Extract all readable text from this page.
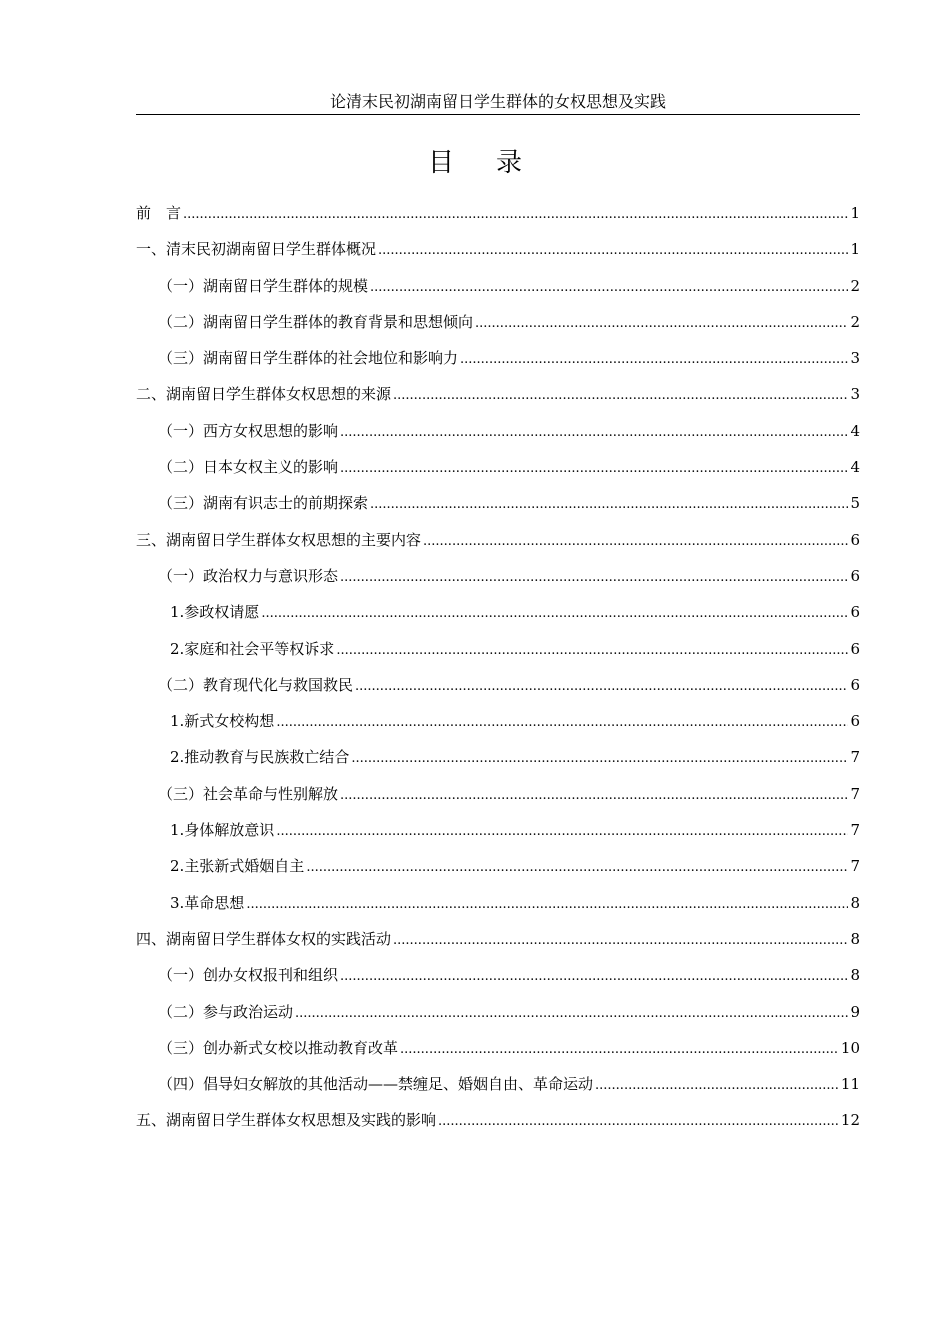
论清末民初湖南留日学生群体的女权思想及实践
目 录
前　言 .....	1
一、清末民初湖南留日学生群体概况 .....	1
（一）湖南留日学生群体的规模 .....	2
（二）湖南留日学生群体的教育背景和思想倾向 .....	2
（三）湖南留日学生群体的社会地位和影响力 .....	3
二、湖南留日学生群体女权思想的来源 .....	3
（一）西方女权思想的影响 .....	4
（二）日本女权主义的影响 .....	4
（三）湖南有识志士的前期探索 .....	5
三、湖南留日学生群体女权思想的主要内容 .....	6
（一）政治权力与意识形态 .....	6
1.参政权请愿 .....	6
2.家庭和社会平等权诉求 .....	6
（二）教育现代化与救国救民 .....	6
1.新式女校构想 .....	6
2.推动教育与民族救亡结合 .....	7
（三）社会革命与性别解放 .....	7
1.身体解放意识 .....	7
2.主张新式婚姻自主 .....	7
3.革命思想 .....	8
四、湖南留日学生群体女权的实践活动 .....	8
（一）创办女权报刊和组织 .....	8
（二）参与政治运动 .....	9
（三）创办新式女校以推动教育改革 .....	10
（四）倡导妇女解放的其他活动——禁缠足、婚姻自由、革命运动 .....	11
五、湖南留日学生群体女权思想及实践的影响 .....	12
